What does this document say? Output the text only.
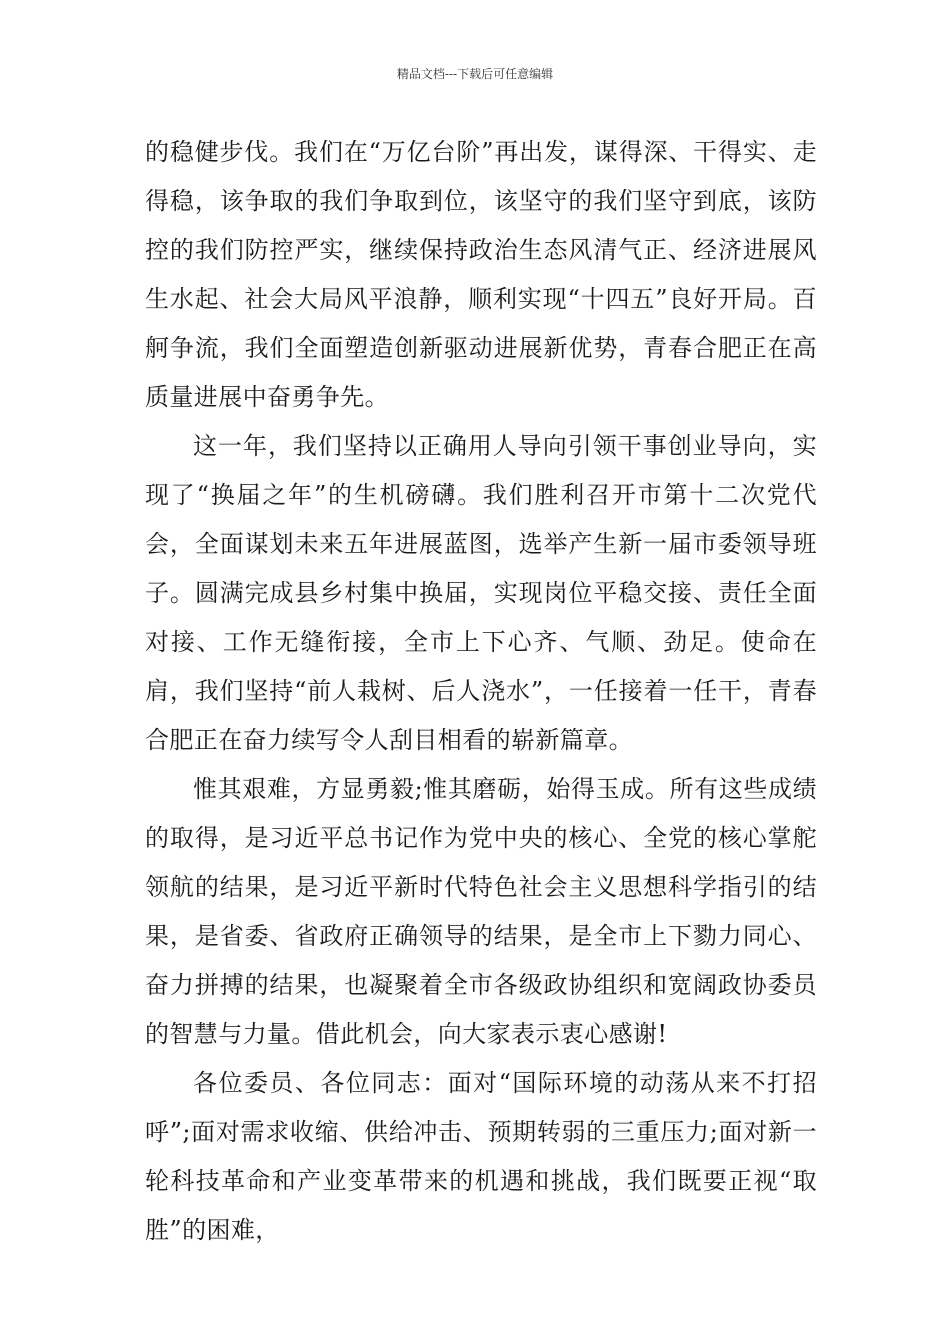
精品文档---下载后可任意编辑

的稳健步伐。我们在“万亿台阶”再出发，谋得深、干得实、走得稳，该争取的我们争取到位，该坚守的我们坚守到底，该防控的我们防控严实，继续保持政治生态风清气正、经济进展风生水起、社会大局风平浪静，顺利实现“十四五”良好开局。百舸争流，我们全面塑造创新驱动进展新优势，青春合肥正在高质量进展中奋勇争先。

这一年，我们坚持以正确用人导向引领干事创业导向，实现了“换届之年”的生机磅礴。我们胜利召开市第十二次党代会，全面谋划未来五年进展蓝图，选举产生新一届市委领导班子。圆满完成县乡村集中换届，实现岗位平稳交接、责任全面对接、工作无缝衔接，全市上下心齐、气顺、劲足。使命在肩，我们坚持“前人栽树、后人浇水”，一任接着一任干，青春合肥正在奋力续写令人刮目相看的崭新篇章。

惟其艰难，方显勇毅;惟其磨砺，始得玉成。所有这些成绩的取得，是习近平总书记作为党中央的核心、全党的核心掌舵领航的结果，是习近平新时代特色社会主义思想科学指引的结果，是省委、省政府正确领导的结果，是全市上下勠力同心、奋力拼搏的结果，也凝聚着全市各级政协组织和宽阔政协委员的智慧与力量。借此机会，向大家表示衷心感谢!

各位委员、各位同志：面对“国际环境的动荡从来不打招呼”;面对需求收缩、供给冲击、预期转弱的三重压力;面对新一轮科技革命和产业变革带来的机遇和挑战，我们既要正视“取胜”的困难，
